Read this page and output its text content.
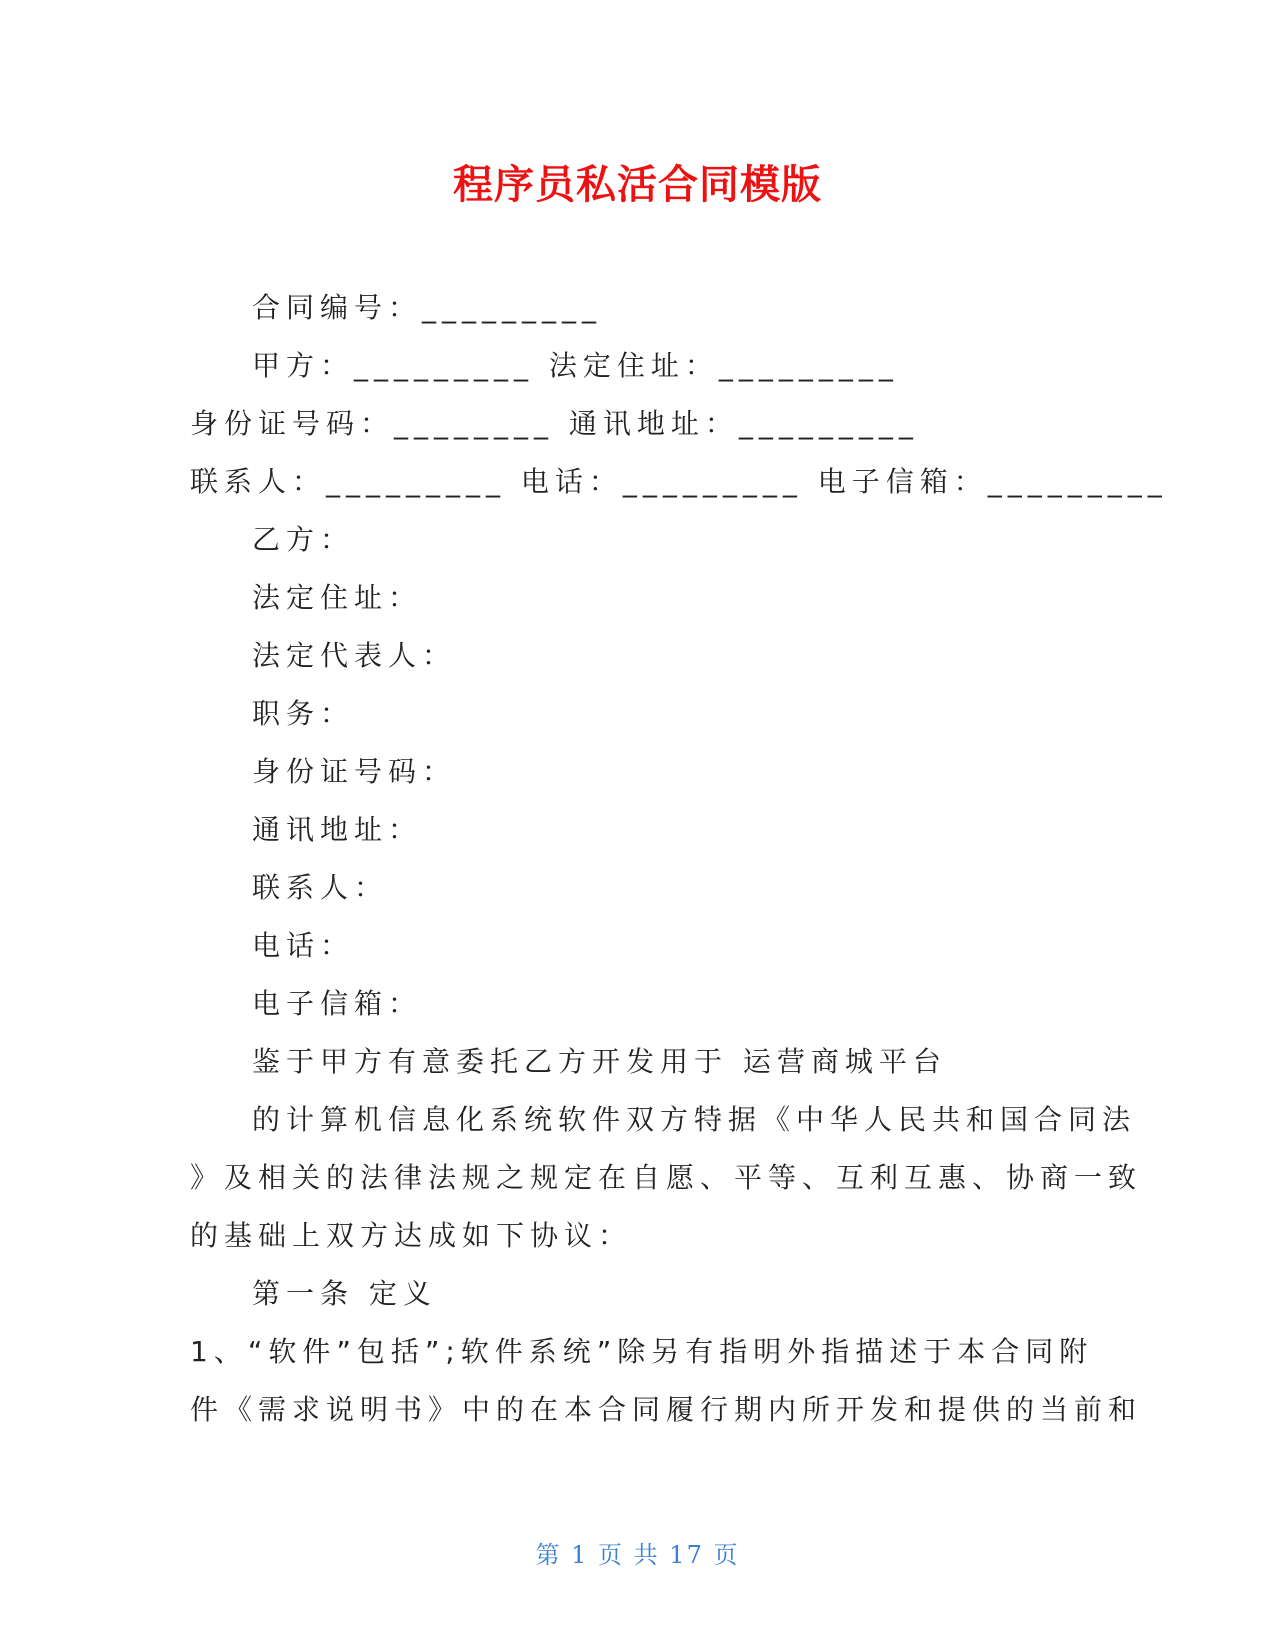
程序员私活合同模版

合同编号：_________

甲方：_________ 法定住址：_________

身份证号码：________ 通讯地址：_________

联系人：_________ 电话：_________ 电子信箱：_________

乙方：

法定住址：

法定代表人：

职务：

身份证号码：

通讯地址：

联系人：

电话：

电子信箱：

鉴于甲方有意委托乙方开发用于 运营商城平台

的计算机信息化系统软件双方特据《中华人民共和国合同法

》及相关的法律法规之规定在自愿、平等、互利互惠、协商一致

的基础上双方达成如下协议：

第一条 定义

1、“软件”包括”;软件系统”除另有指明外指描述于本合同附

件《需求说明书》中的在本合同履行期内所开发和提供的当前和

第 1 页 共 17 页
